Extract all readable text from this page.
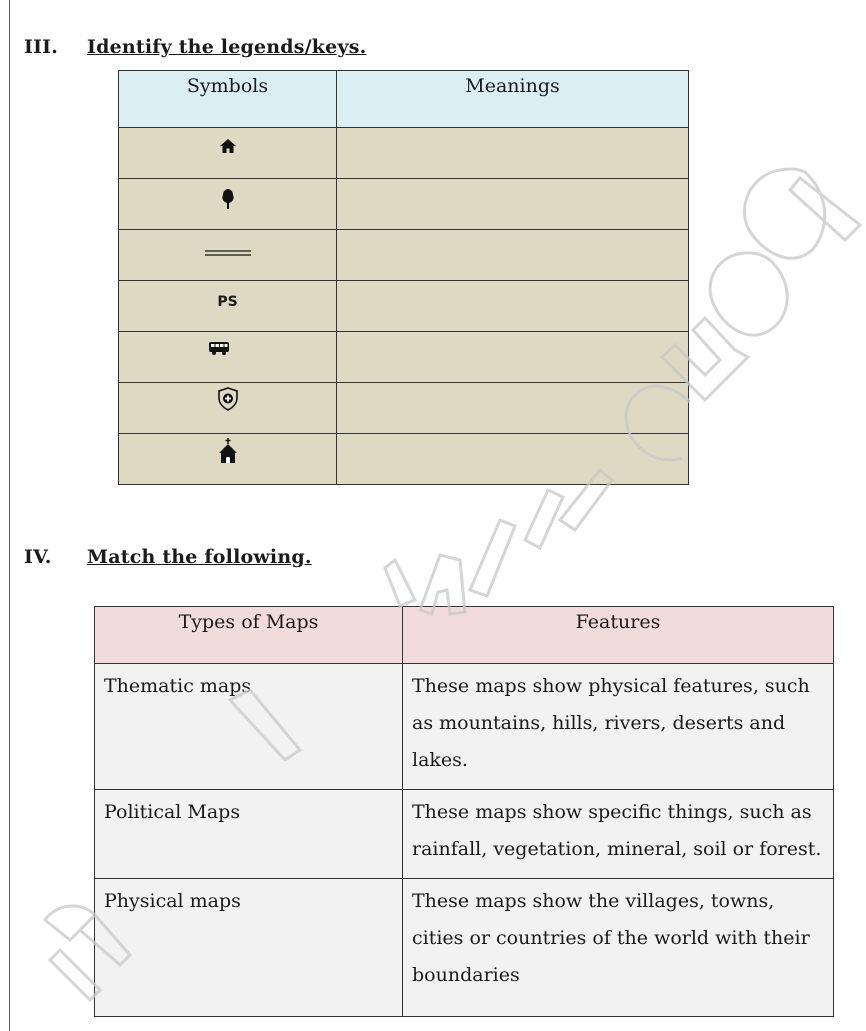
III. Identify the legends/keys.
Symbols	Meanings

PS	

IV. Match the following.
Types of Maps	Features
Thematic maps	These maps show physical features, such as mountains, hills, rivers, deserts and lakes.
Political Maps	These maps show specific things, such as rainfall, vegetation, mineral, soil or forest.
Physical maps	These maps show the villages, towns, cities or countries of the world with their boundaries
